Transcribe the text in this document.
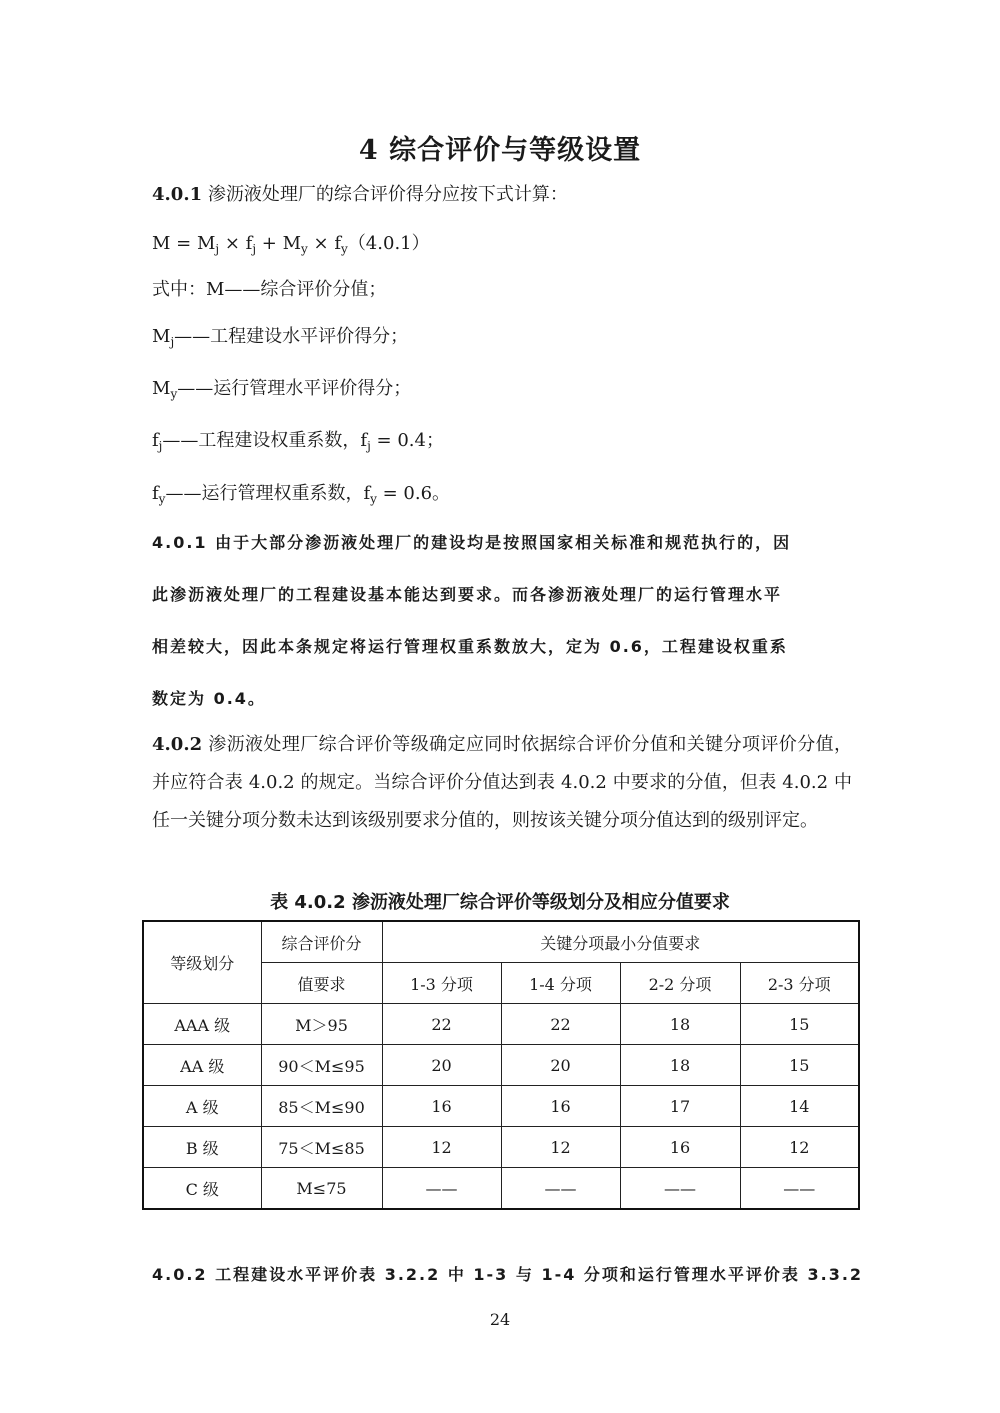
4 综合评价与等级设置
4.0.1 渗沥液处理厂的综合评价得分应按下式计算：
$M = M_j \times f_j + M_y \times f_y(4.0.1)$
式中：M——综合评价分值；
$M_j——$工程建设水平评价得分；
$M_y——$运行管理水平评价得分；
$f_j——$工程建设权重系数，$f_j = 0.4$；
$f_y——$运行管理权重系数，$f_y = 0.6$。
4.0.1 由于大部分渗沥液处理厂的建设均是按照国家相关标准和规范执行的，因
此渗沥液处理厂的工程建设基本能达到要求。而各渗沥液处理厂的运行管理水平
相差较大，因此本条规定将运行管理权重系数放大，定为 0.6，工程建设权重系
数定为 0.4。
4.0.2 渗沥液处理厂综合评价等级确定应同时依据综合评价分值和关键分项评价分值，并应符合表 4.0.2 的规定。当综合评价分值达到表 4.0.2 中要求的分值，但表 4.0.2 中任一关键分项分数未达到该级别要求分值的，则按该关键分项分值达到的级别评定。
表 4.0.2 渗沥液处理厂综合评价等级划分及相应分值要求
等级划分	综合评价分	关键分项最小分值要求			
	值要求	1-3 分项	1-4 分项	2-2 分项	2-3 分项
AAA 级	M＞95	22	22	18	15
AA 级	90＜M≤95	20	20	18	15
A 级	85＜M≤90	16	16	17	14
B 级	75＜M≤85	12	12	16	12
C 级	M≤75	——	——	——	——
4.0.2 工程建设水平评价表 3.2.2 中 1-3 与 1-4 分项和运行管理水平评价表 3.3.2
24
